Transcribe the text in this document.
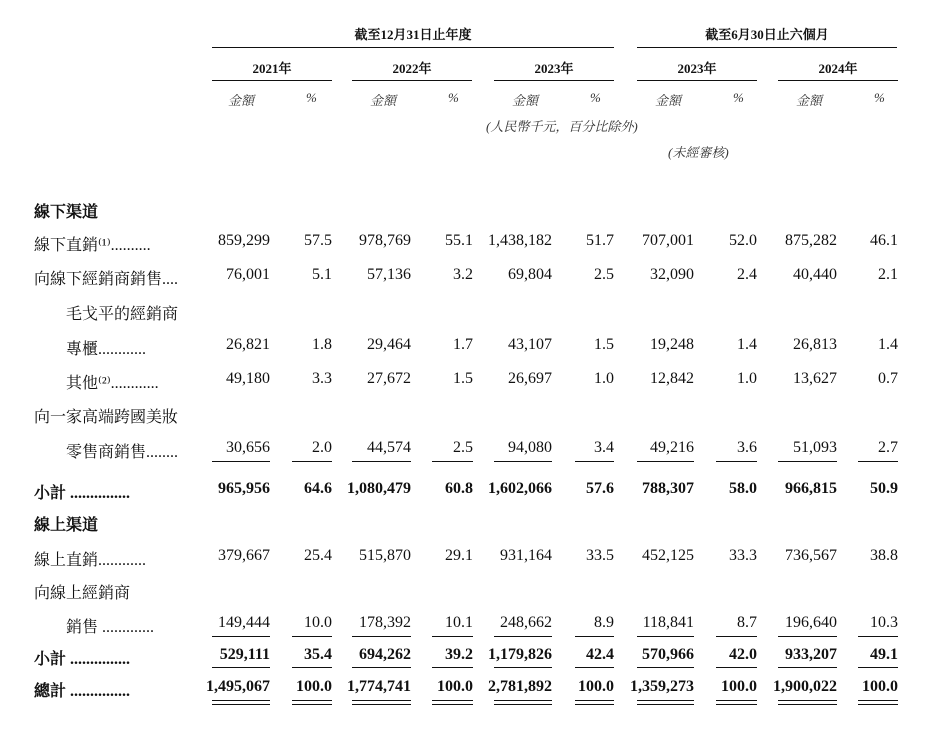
截至12月31日止年度	截至6月30日止六個月
2021年	2022年	2023年	2023年	2024年
金額	%	金額	%	金額	%	金額	%	金額	%
(人民幣千元，百分比除外)
(未經審核)
線下直銷⁽¹⁾..........	859,299	57.5	978,769	55.1 1,438,182	51.7	707,001	52.0	875,282	46.1
向線下經銷商銷售....	76,001	5.1	57,136	3.2	69,804	2.5	32,090	2.4	40,440	2.1
毛戈平的經銷商
專櫃............	26,821	1.8	29,464	1.7	43,107	1.5	19,248	1.4	26,813	1.4
其他⁽²⁾............	49,180	3.3	27,672	1.5	26,697	1.0	12,842	1.0	13,627	0.7
向一家高端跨國美妝
零售商銷售........	30,656	2.0	44,574	2.5	94,080	3.4	49,216	3.6	51,093	2.7
小計 ...............	965,956	64.6 1,080,479	60.8 1,602,066	57.6	788,307	58.0	966,815	50.9
線上直銷............	379,667	25.4	515,870	29.1	931,164	33.5	452,125	33.3	736,567	38.8
向線上經銷商
銷售 .............	149,444	10.0	178,392	10.1	248,662	8.9	118,841	8.7	196,640	10.3
小計 ...............	529,111	35.4	694,262	39.2 1,179,826	42.4	570,966	42.0	933,207	49.1
總計 ...............	1,495,067	100.0 1,774,741	100.0 2,781,892	100.0	1,359,273	100.0	1,900,022	100.0
線下渠道
線上渠道
